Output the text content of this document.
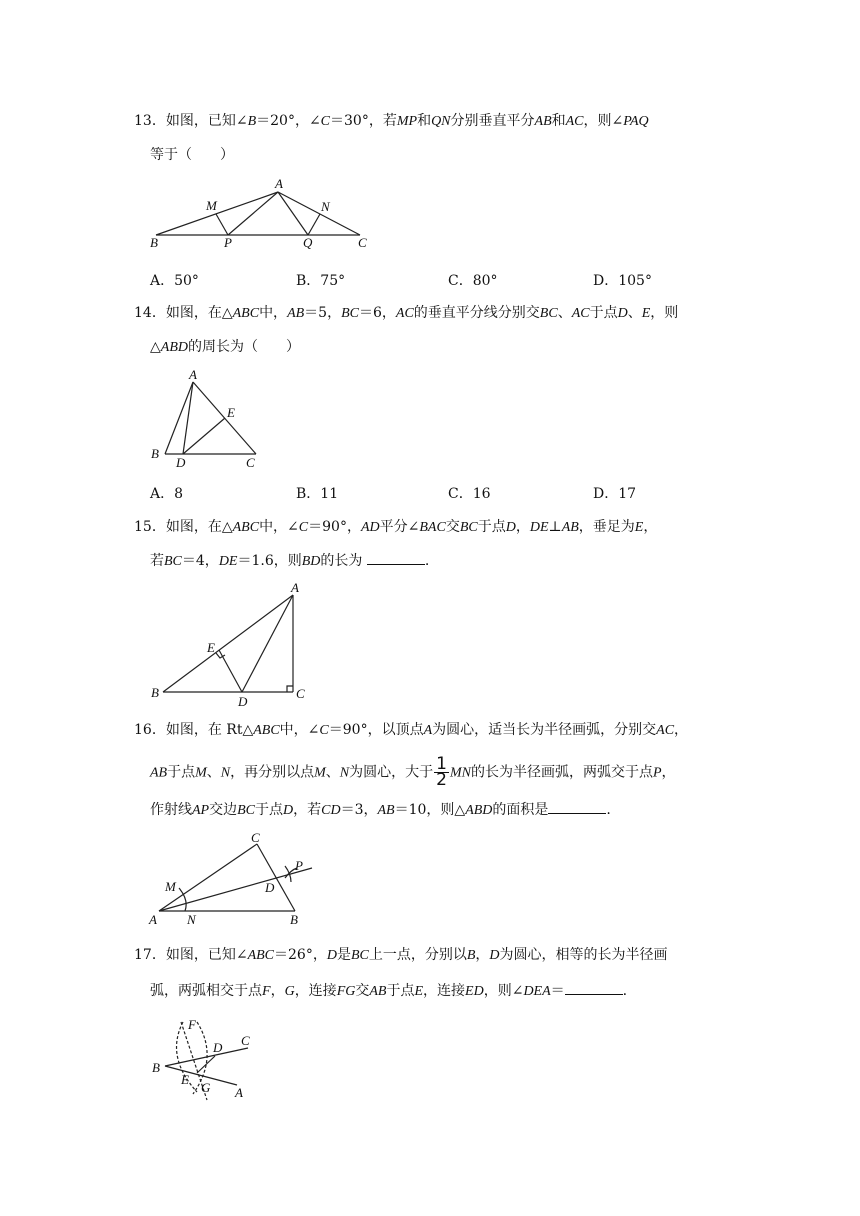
13．如图，已知∠B＝20°，∠C＝30°，若MP和QN分别垂直平分AB和AC，则∠PAQ
等于（　　）
A
B	C
M	N
P	Q
A．50°	B．75°	C．80°	D．105°
14．如图，在△ABC中，AB＝5，BC＝6，AC的垂直平分线分别交BC、AC于点D、E，则
△ABD的周长为（　　）
A
B
C
D
E
A．8	B．11	C．16	D．17
15．如图，在△ABC中，∠C＝90°，AD平分∠BAC交BC于点D，DE⊥AB，垂足为E，
若BC＝4，DE＝1.6，则BD的长为	.
A
B	C
D
E
16．如图，在 Rt△ABC中，∠C＝90°，以顶点A为圆心，适当长为半径画弧，分别交AC，
AB于点M、N，再分别以点M、N为圆心，大于 $\frac{1}{2}$ MN的长为半径画弧，两弧交于点P，
作射线AP交边BC于点D，若CD＝3，AB＝10，则△ABD的面积是	.
C
A	B
M
N
D
P
17．如图，已知∠ABC＝26°，D是BC上一点，分别以B，D为圆心，相等的长为半径画
弧，两弧相交于点F，G，连接FG交AB于点E，连接ED，则∠DEA＝	.
F
C
D
B
E
G A
